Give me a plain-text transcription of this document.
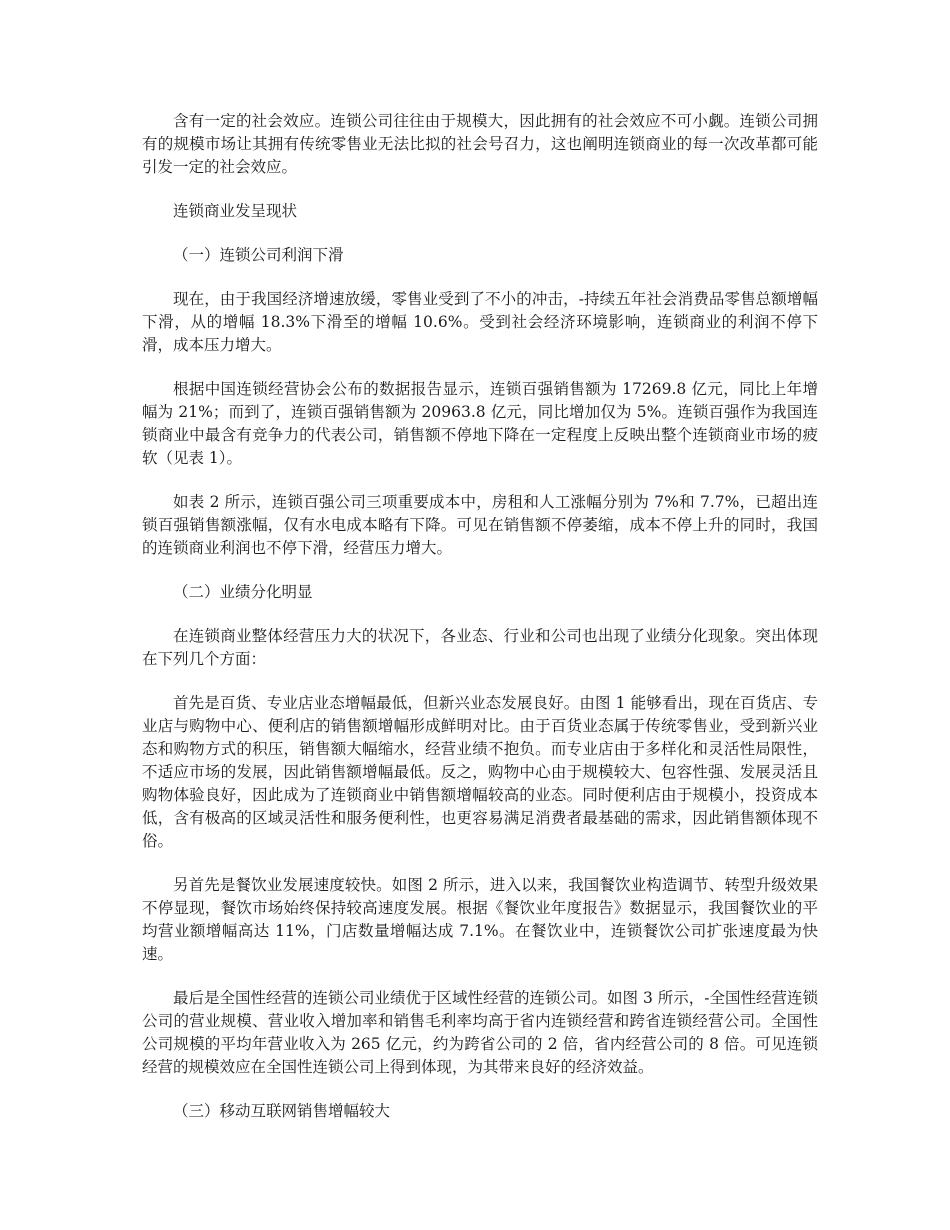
含有一定的社会效应。连锁公司往往由于规模大，因此拥有的社会效应不可小觑。连锁公司拥有的规模市场让其拥有传统零售业无法比拟的社会号召力，这也阐明连锁商业的每一次改革都可能引发一定的社会效应。

连锁商业发呈现状

（一）连锁公司利润下滑

现在，由于我国经济增速放缓，零售业受到了不小的冲击，-持续五年社会消费品零售总额增幅下滑，从的增幅 18.3%下滑至的增幅 10.6%。受到社会经济环境影响，连锁商业的利润不停下滑，成本压力增大。

根据中国连锁经营协会公布的数据报告显示，连锁百强销售额为 17269.8 亿元，同比上年增幅为 21%；而到了，连锁百强销售额为 20963.8 亿元，同比增加仅为 5%。连锁百强作为我国连锁商业中最含有竞争力的代表公司，销售额不停地下降在一定程度上反映出整个连锁商业市场的疲软（见表 1）。

如表 2 所示，连锁百强公司三项重要成本中，房租和人工涨幅分别为 7%和 7.7%，已超出连锁百强销售额涨幅，仅有水电成本略有下降。可见在销售额不停萎缩，成本不停上升的同时，我国的连锁商业利润也不停下滑，经营压力增大。

（二）业绩分化明显

在连锁商业整体经营压力大的状况下，各业态、行业和公司也出现了业绩分化现象。突出体现在下列几个方面：

首先是百货、专业店业态增幅最低，但新兴业态发展良好。由图 1 能够看出，现在百货店、专业店与购物中心、便利店的销售额增幅形成鲜明对比。由于百货业态属于传统零售业，受到新兴业态和购物方式的积压，销售额大幅缩水，经营业绩不抱负。而专业店由于多样化和灵活性局限性，不适应市场的发展，因此销售额增幅最低。反之，购物中心由于规模较大、包容性强、发展灵活且购物体验良好，因此成为了连锁商业中销售额增幅较高的业态。同时便利店由于规模小，投资成本低，含有极高的区域灵活性和服务便利性，也更容易满足消费者最基础的需求，因此销售额体现不俗。

另首先是餐饮业发展速度较快。如图 2 所示，进入以来，我国餐饮业构造调节、转型升级效果不停显现，餐饮市场始终保持较高速度发展。根据《餐饮业年度报告》数据显示，我国餐饮业的平均营业额增幅高达 11%，门店数量增幅达成 7.1%。在餐饮业中，连锁餐饮公司扩张速度最为快速。

最后是全国性经营的连锁公司业绩优于区域性经营的连锁公司。如图 3 所示，-全国性经营连锁公司的营业规模、营业收入增加率和销售毛利率均高于省内连锁经营和跨省连锁经营公司。全国性公司规模的平均年营业收入为 265 亿元，约为跨省公司的 2 倍，省内经营公司的 8 倍。可见连锁经营的规模效应在全国性连锁公司上得到体现，为其带来良好的经济效益。

（三）移动互联网销售增幅较大
